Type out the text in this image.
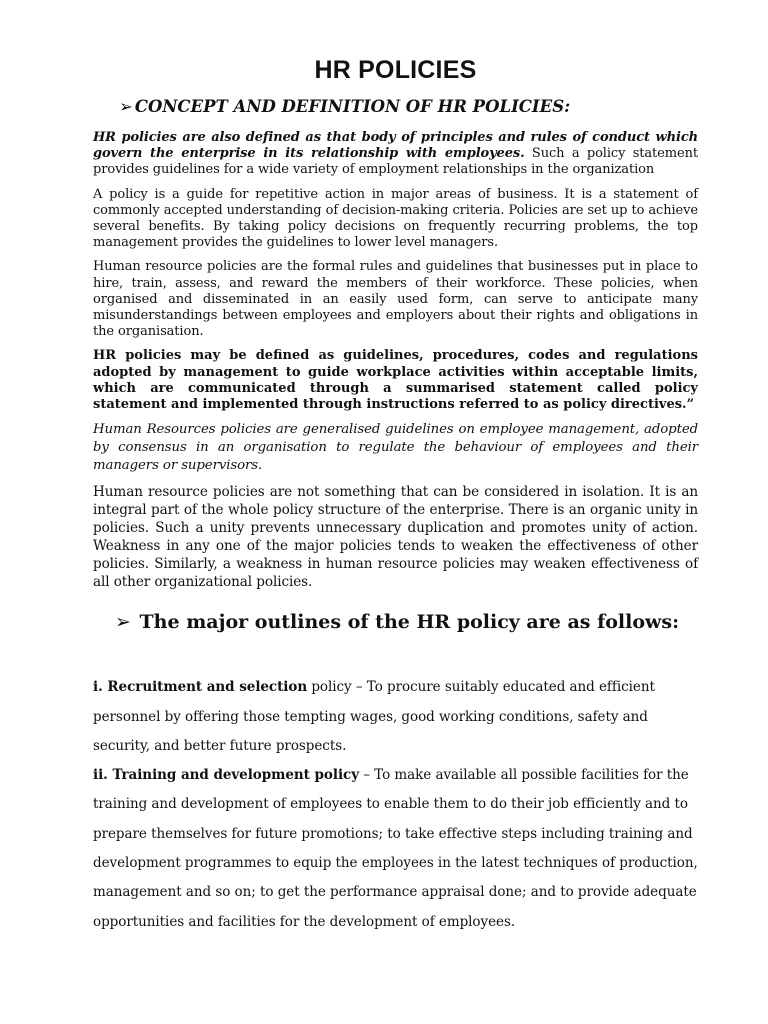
HR POLICIES
➢ CONCEPT AND DEFINITION OF HR POLICIES:

HR policies are also defined as that body of principles and rules of conduct which govern the enterprise in its relationship with employees. Such a policy statement provides guidelines for a wide variety of employment relationships in the organization

A policy is a guide for repetitive action in major areas of business. It is a statement of commonly accepted understanding of decision-making criteria. Policies are set up to achieve several benefits. By taking policy decisions on frequently recurring problems, the top management provides the guidelines to lower level managers.

Human resource policies are the formal rules and guidelines that businesses put in place to hire, train, assess, and reward the members of their workforce. These policies, when organised and disseminated in an easily used form, can serve to anticipate many misunderstandings between employees and employers about their rights and obligations in the organisation.

HR policies may be defined as guidelines, procedures, codes and regulations adopted by management to guide workplace activities within acceptable limits, which are communicated through a summarised statement called policy statement and implemented through instructions referred to as policy directives.”

Human Resources policies are generalised guidelines on employee management, adopted by consensus in an organisation to regulate the behaviour of employees and their managers or supervisors.

Human resource policies are not something that can be considered in isolation. It is an integral part of the whole policy structure of the enterprise. There is an organic unity in policies. Such a unity prevents unnecessary duplication and promotes unity of action. Weakness in any one of the major policies tends to weaken the effectiveness of other policies. Similarly, a weakness in human resource policies may weaken effectiveness of all other organizational policies.

➢ The major outlines of the HR policy are as follows:

i. Recruitment and selection policy – To procure suitably educated and efficient personnel by offering those tempting wages, good working conditions, safety and security, and better future prospects.

ii. Training and development policy – To make available all possible facilities for the training and development of employees to enable them to do their job efficiently and to prepare themselves for future promotions; to take effective steps including training and development programmes to equip the employees in the latest techniques of production, management and so on; to get the performance appraisal done; and to provide adequate opportunities and facilities for the development of employees.
